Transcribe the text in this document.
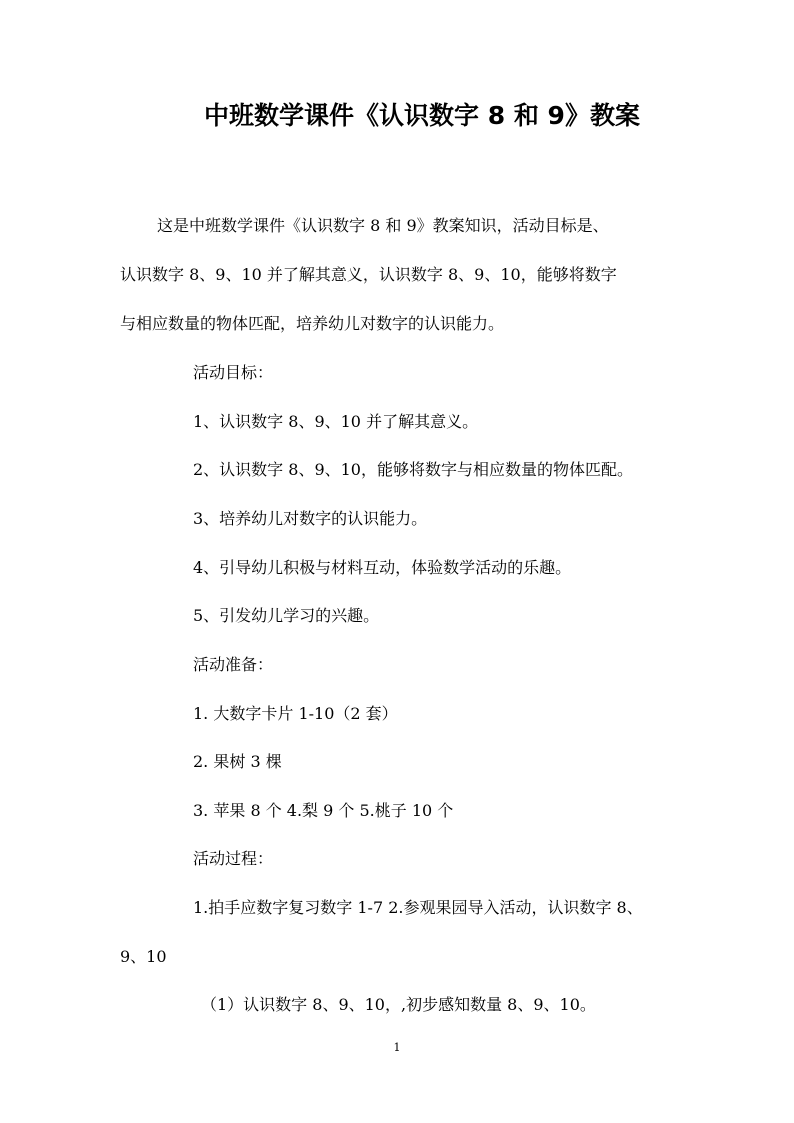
中班数学课件《认识数字 8 和 9》教案
这是中班数学课件《认识数字 8 和 9》教案知识，活动目标是、
认识数字 8、9、10 并了解其意义，认识数字 8、9、10，能够将数字
与相应数量的物体匹配，培养幼儿对数字的认识能力。
活动目标：
1、认识数字 8、9、10 并了解其意义。
2、认识数字 8、9、10，能够将数字与相应数量的物体匹配。
3、培养幼儿对数字的认识能力。
4、引导幼儿积极与材料互动，体验数学活动的乐趣。
5、引发幼儿学习的兴趣。
活动准备：
1. 大数字卡片 1-10（2 套）
2. 果树 3 棵
3. 苹果 8 个 4.梨 9 个 5.桃子 10 个
活动过程：
1.拍手应数字复习数字 1-7 2.参观果园导入活动，认识数字 8、
9、10
（1）认识数字 8、9、10，,初步感知数量 8、9、10。
1
